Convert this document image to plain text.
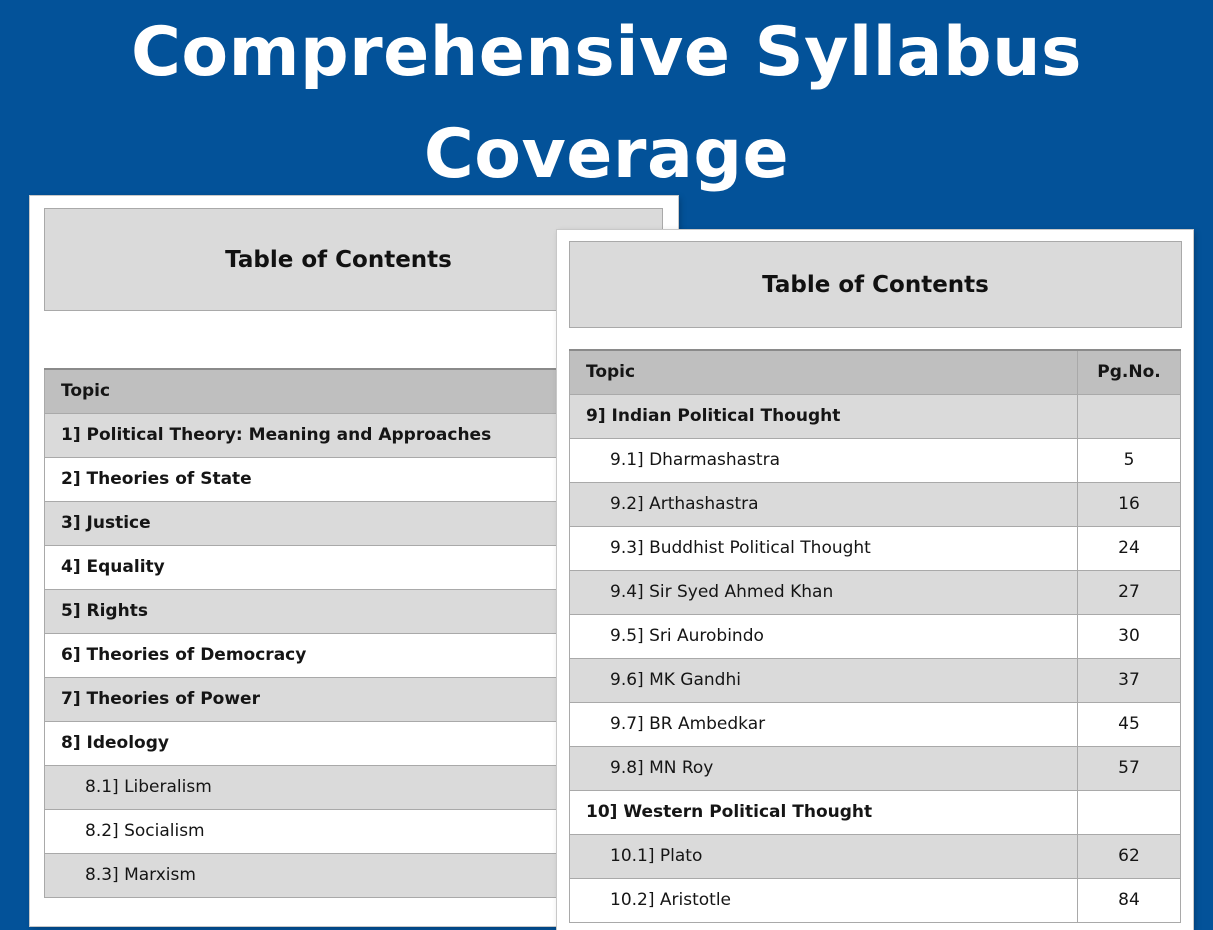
Comprehensive Syllabus
Coverage
Table of Contents
Topic
1] Political Theory: Meaning and Approaches
2] Theories of State
3] Justice
4] Equality
5] Rights
6] Theories of Democracy
7] Theories of Power
8] Ideology
8.1] Liberalism
8.2] Socialism
8.3] Marxism
Table of Contents
Topic	Pg.No.
9] Indian Political Thought	
9.1] Dharmashastra	5
9.2] Arthashastra	16
9.3] Buddhist Political Thought	24
9.4] Sir Syed Ahmed Khan	27
9.5] Sri Aurobindo	30
9.6] MK Gandhi	37
9.7] BR Ambedkar	45
9.8] MN Roy	57
10] Western Political Thought	
10.1] Plato	62
10.2] Aristotle	84
